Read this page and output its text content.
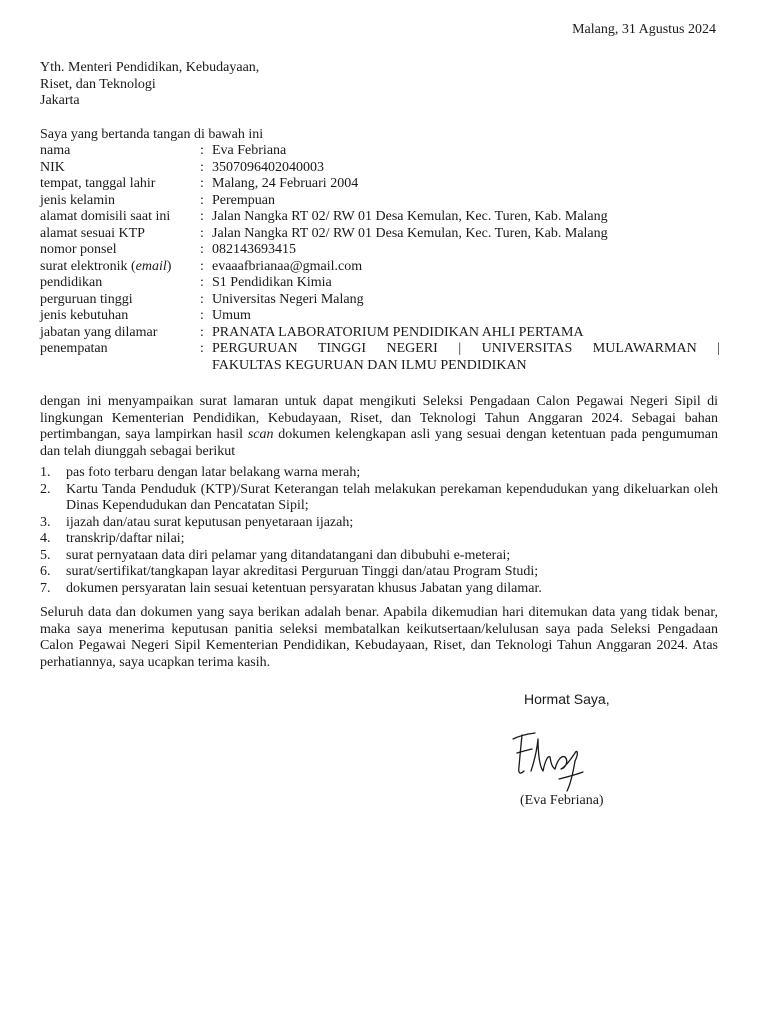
Malang, 31 Agustus 2024
Yth. Menteri Pendidikan, Kebudayaan,
Riset, dan Teknologi
Jakarta
Saya yang bertanda tangan di bawah ini
nama	: Eva Febriana
NIK	: 3507096402040003
tempat, tanggal lahir	: Malang, 24 Februari 2004
jenis kelamin	: Perempuan
alamat domisili saat ini	: Jalan Nangka RT 02/ RW 01 Desa Kemulan, Kec. Turen, Kab. Malang
alamat sesuai KTP	: Jalan Nangka RT 02/ RW 01 Desa Kemulan, Kec. Turen, Kab. Malang
nomor ponsel	: 082143693415
surat elektronik (email)	: evaaafbrianaa@gmail.com
pendidikan	: S1 Pendidikan Kimia
perguruan tinggi	: Universitas Negeri Malang
jenis kebutuhan	: Umum
jabatan yang dilamar	: PRANATA LABORATORIUM PENDIDIKAN AHLI PERTAMA
penempatan	: PERGURUAN TINGGI NEGERI | UNIVERSITAS MULAWARMAN |
FAKULTAS KEGURUAN DAN ILMU PENDIDIKAN

dengan ini menyampaikan surat lamaran untuk dapat mengikuti Seleksi Pengadaan Calon Pegawai Negeri Sipil di lingkungan Kementerian Pendidikan, Kebudayaan, Riset, dan Teknologi Tahun Anggaran 2024. Sebagai bahan pertimbangan, saya lampirkan hasil scan dokumen kelengkapan asli yang sesuai dengan ketentuan pada pengumuman dan telah diunggah sebagai berikut

1.	pas foto terbaru dengan latar belakang warna merah;
2.	Kartu Tanda Penduduk (KTP)/Surat Keterangan telah melakukan perekaman kependudukan yang dikeluarkan oleh Dinas Kependudukan dan Pencatatan Sipil;
3.	ijazah dan/atau surat keputusan penyetaraan ijazah;
4.	transkrip/daftar nilai;
5.	surat pernyataan data diri pelamar yang ditandatangani dan dibubuhi e-meterai;
6.	surat/sertifikat/tangkapan layar akreditasi Perguruan Tinggi dan/atau Program Studi;
7.	dokumen persyaratan lain sesuai ketentuan persyaratan khusus Jabatan yang dilamar.

Seluruh data dan dokumen yang saya berikan adalah benar. Apabila dikemudian hari ditemukan data yang tidak benar, maka saya menerima keputusan panitia seleksi membatalkan keikutsertaan/kelulusan saya pada Seleksi Pengadaan Calon Pegawai Negeri Sipil Kementerian Pendidikan, Kebudayaan, Riset, dan Teknologi Tahun Anggaran 2024. Atas perhatiannya, saya ucapkan terima kasih.

Hormat Saya,
(Eva Febriana)
